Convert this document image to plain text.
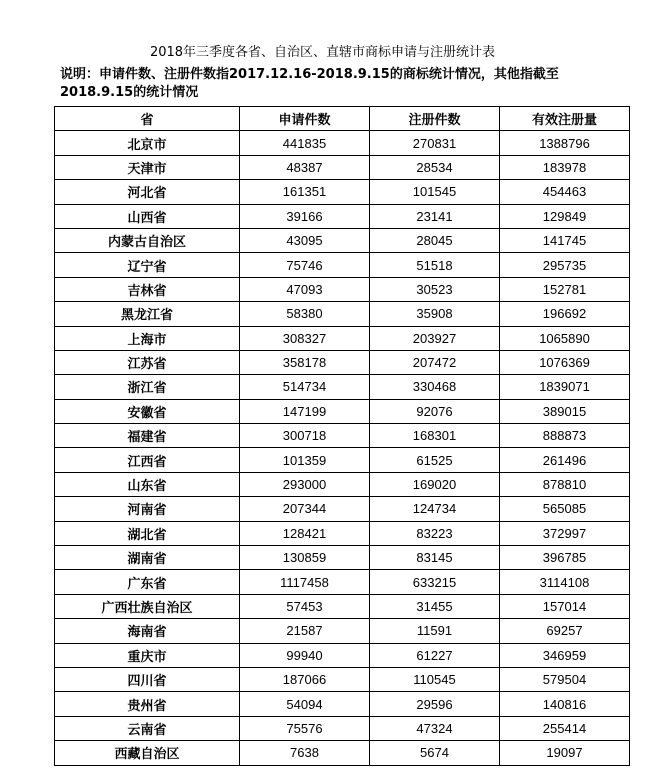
2018年三季度各省、自治区、直辖市商标申请与注册统计表
说明：申请件数、注册件数指2017.12.16-2018.9.15的商标统计情况，其他指截至2018.9.15的统计情况
省	申请件数	注册件数	有效注册量
北京市	441835	270831	1388796
天津市	48387	28534	183978
河北省	161351	101545	454463
山西省	39166	23141	129849
内蒙古自治区	43095	28045	141745
辽宁省	75746	51518	295735
吉林省	47093	30523	152781
黑龙江省	58380	35908	196692
上海市	308327	203927	1065890
江苏省	358178	207472	1076369
浙江省	514734	330468	1839071
安徽省	147199	92076	389015
福建省	300718	168301	888873
江西省	101359	61525	261496
山东省	293000	169020	878810
河南省	207344	124734	565085
湖北省	128421	83223	372997
湖南省	130859	83145	396785
广东省	1117458	633215	3114108
广西壮族自治区	57453	31455	157014
海南省	21587	11591	69257
重庆市	99940	61227	346959
四川省	187066	110545	579504
贵州省	54094	29596	140816
云南省	75576	47324	255414
西藏自治区	7638	5674	19097
